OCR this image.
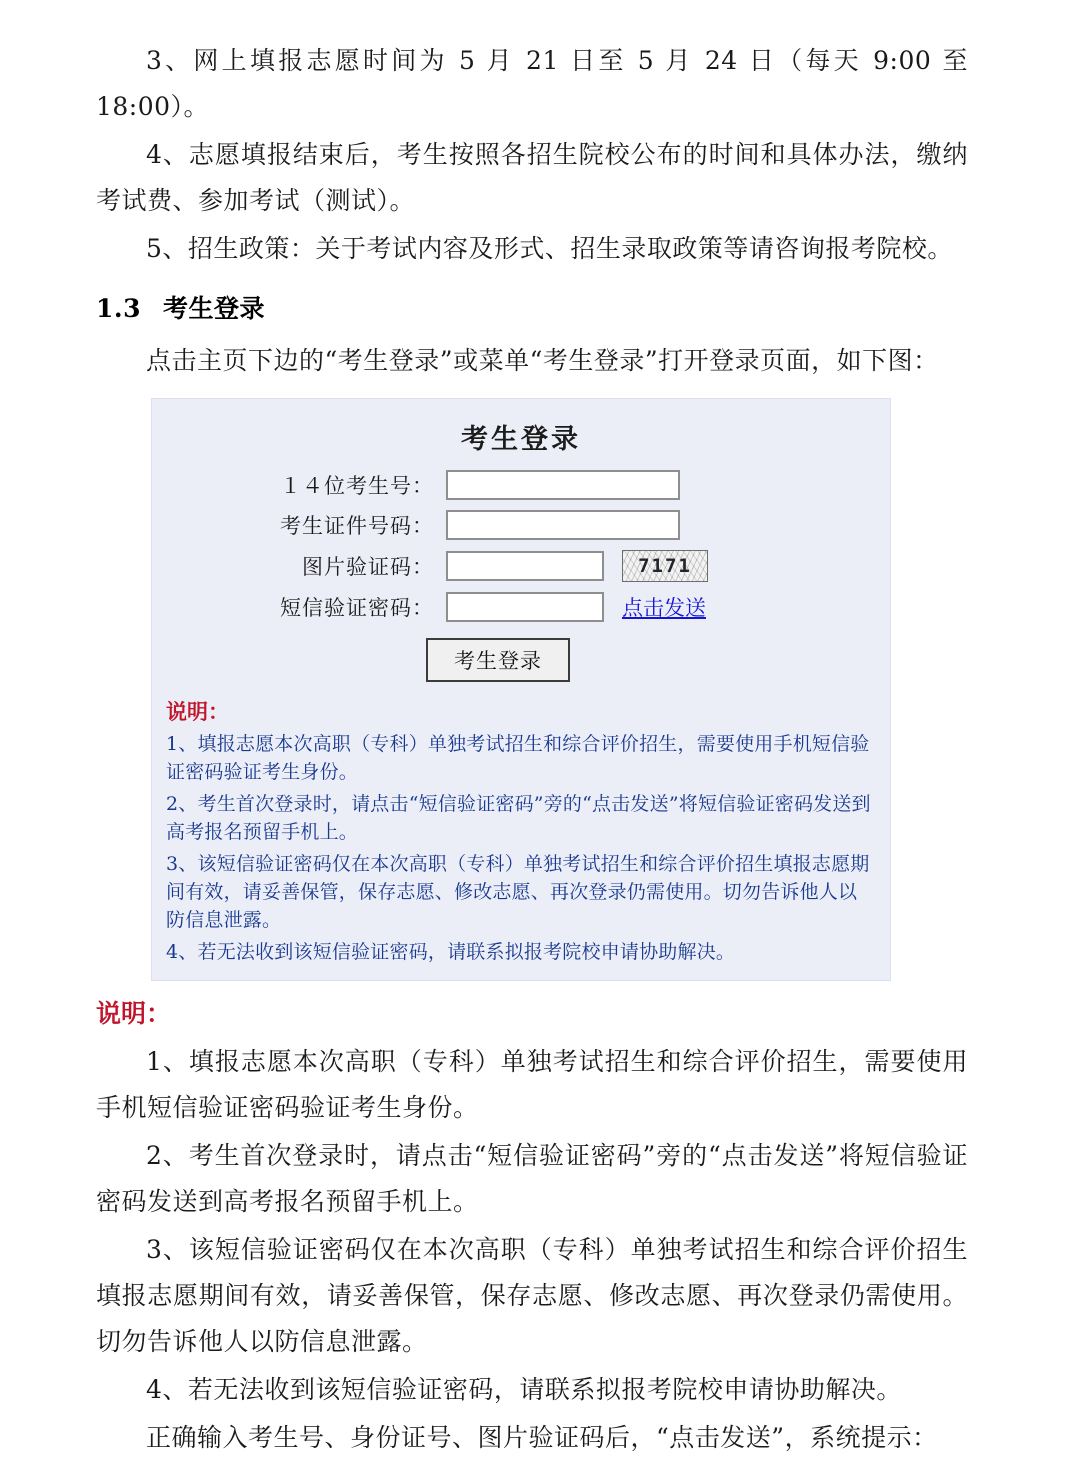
3、网上填报志愿时间为 5 月 21 日至 5 月 24 日（每天 9:00 至 18:00）。

4、志愿填报结束后，考生按照各招生院校公布的时间和具体办法，缴纳考试费、参加考试（测试）。

5、招生政策：关于考试内容及形式、招生录取政策等请咨询报考院校。

1.3 考生登录

点击主页下边的“考生登录”或菜单“考生登录”打开登录页面，如下图：

考生登录
１４位考生号：
考生证件号码：
图片验证码：	7171
短信验证密码：	点击发送
考生登录
说明：
1、填报志愿本次高职（专科）单独考试招生和综合评价招生，需要使用手机短信验证密码验证考生身份。
2、考生首次登录时，请点击“短信验证密码”旁的“点击发送”将短信验证密码发送到高考报名预留手机上。
3、该短信验证密码仅在本次高职（专科）单独考试招生和综合评价招生填报志愿期间有效，请妥善保管，保存志愿、修改志愿、再次登录仍需使用。切勿告诉他人以防信息泄露。
4、若无法收到该短信验证密码，请联系拟报考院校申请协助解决。
说明：

1、填报志愿本次高职（专科）单独考试招生和综合评价招生，需要使用手机短信验证密码验证考生身份。

2、考生首次登录时，请点击“短信验证密码”旁的“点击发送”将短信验证密码发送到高考报名预留手机上。

3、该短信验证密码仅在本次高职（专科）单独考试招生和综合评价招生填报志愿期间有效，请妥善保管，保存志愿、修改志愿、再次登录仍需使用。切勿告诉他人以防信息泄露。

4、若无法收到该短信验证密码，请联系拟报考院校申请协助解决。

正确输入考生号、身份证号、图片验证码后，“点击发送”，系统提示：
